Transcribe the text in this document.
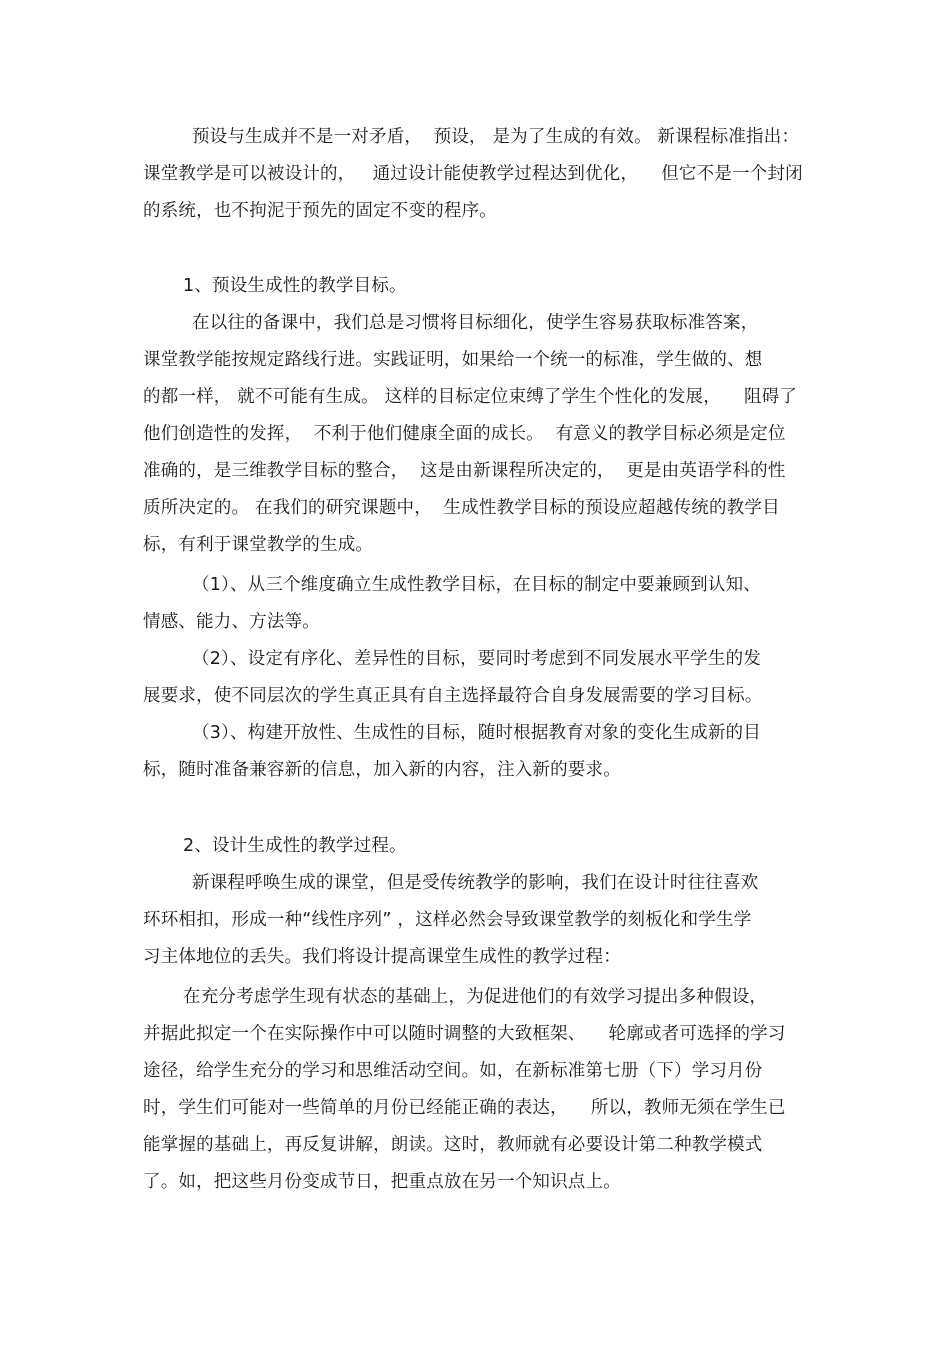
预设与生成并不是一对矛盾，  预设， 是为了生成的有效。 新课程标准指出：

课堂教学是可以被设计的，   通过设计能使教学过程达到优化，    但它不是一个封闭

的系统，也不拘泥于预先的固定不变的程序。

1、预设生成性的教学目标。

在以往的备课中，我们总是习惯将目标细化，使学生容易获取标准答案，

课堂教学能按规定路线行进。实践证明，如果给一个统一的标准，学生做的、想

的都一样， 就不可能有生成。 这样的目标定位束缚了学生个性化的发展，    阻碍了

他们创造性的发挥，  不利于他们健康全面的成长。  有意义的教学目标必须是定位

准确的，是三维教学目标的整合，  这是由新课程所决定的，  更是由英语学科的性

质所决定的。 在我们的研究课题中，  生成性教学目标的预设应超越传统的教学目

标，有利于课堂教学的生成。

（1）、从三个维度确立生成性教学目标，在目标的制定中要兼顾到认知、

情感、能力、方法等。

（2）、设定有序化、差异性的目标，要同时考虑到不同发展水平学生的发

展要求，使不同层次的学生真正具有自主选择最符合自身发展需要的学习目标。

（3）、构建开放性、生成性的目标，随时根据教育对象的变化生成新的目

标，随时准备兼容新的信息，加入新的内容，注入新的要求。

2、设计生成性的教学过程。

新课程呼唤生成的课堂，但是受传统教学的影响，我们在设计时往往喜欢

环环相扣，形成一种“线性序列” ，这样必然会导致课堂教学的刻板化和学生学

习主体地位的丢失。我们将设计提高课堂生成性的教学过程：

在充分考虑学生现有状态的基础上，为促进他们的有效学习提出多种假设，

并据此拟定一个在实际操作中可以随时调整的大致框架、    轮廓或者可选择的学习

途径，给学生充分的学习和思维活动空间。如，在新标准第七册（下）学习月份

时，学生们可能对一些简单的月份已经能正确的表达，    所以，教师无须在学生已

能掌握的基础上，再反复讲解，朗读。这时，教师就有必要设计第二种教学模式

了。如，把这些月份变成节日，把重点放在另一个知识点上。
